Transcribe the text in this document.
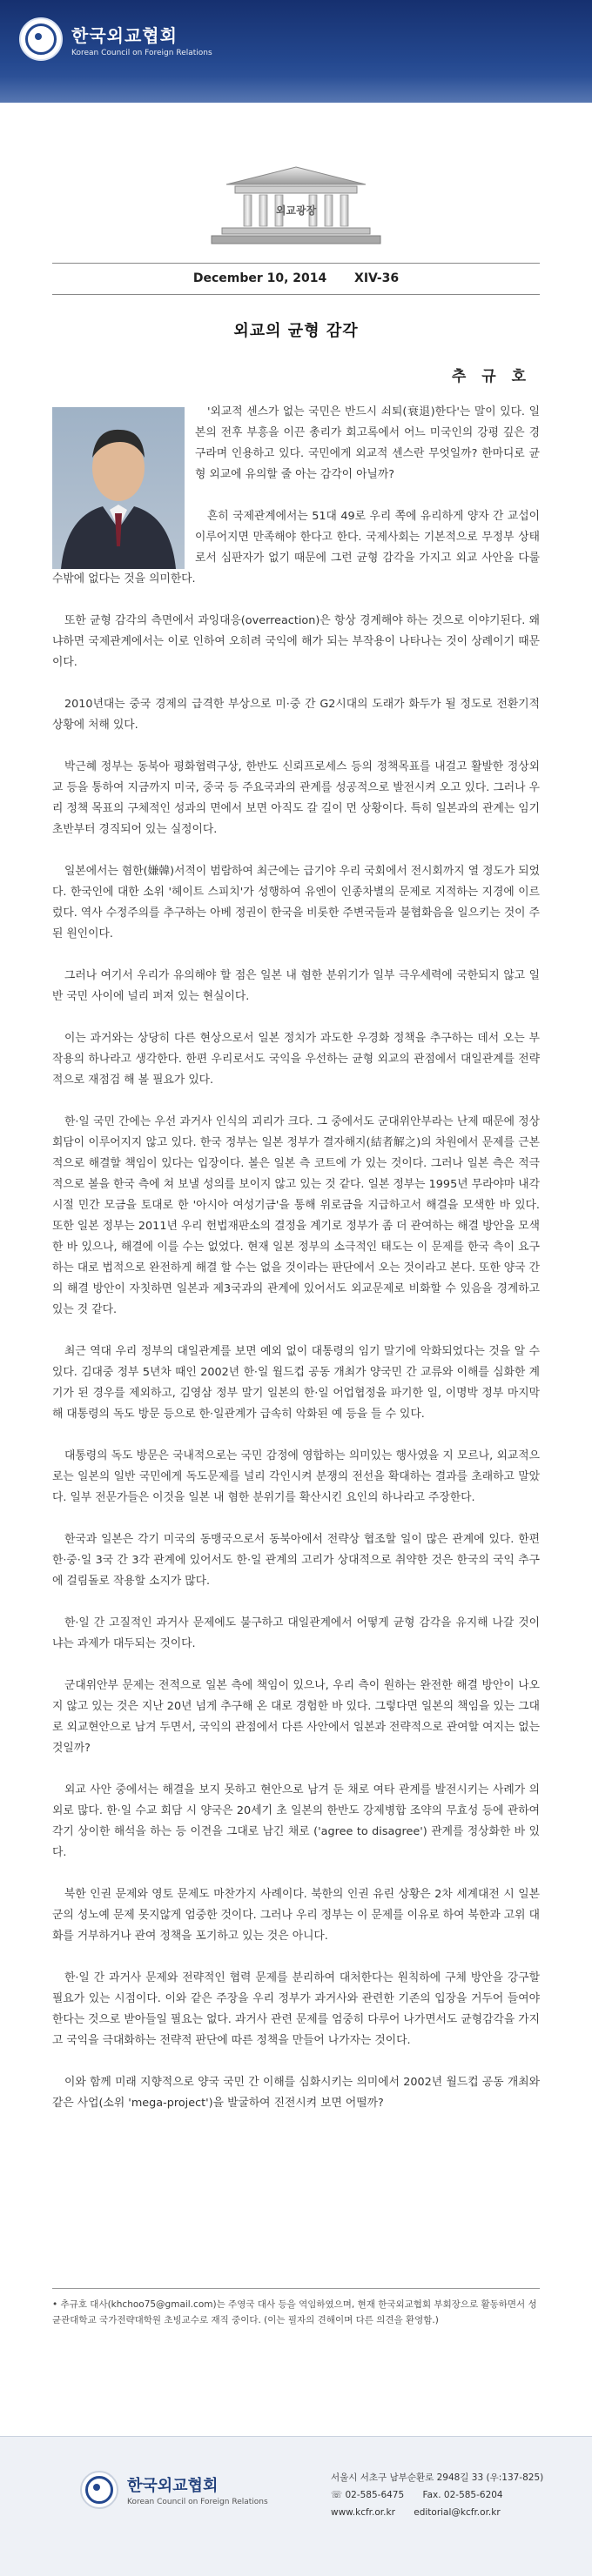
한국외교협회
Korean Council on Foreign Relations
외교광장
December 10, 2014 XIV-36
외교의 균형 감각
추 규 호

'외교적 센스가 없는 국민은 반드시 쇠퇴(衰退)한다'는 말이 있다. 일본의 전후 부흥을 이끈 총리가 회고록에서 어느 미국인의 강평 깊은 경구라며 인용하고 있다. 국민에게 외교적 센스란 무엇일까? 한마디로 균형 외교에 유의할 줄 아는 감각이 아닐까?

흔히 국제관계에서는 51대 49로 우리 쪽에 유리하게 양자 간 교섭이 이루어지면 만족해야 한다고 한다. 국제사회는 기본적으로 무정부 상태로서 심판자가 없기 때문에 그런 균형 감각을 가지고 외교 사안을 다룰 수밖에 없다는 것을 의미한다.

또한 균형 감각의 측면에서 과잉대응(overreaction)은 항상 경계해야 하는 것으로 이야기된다. 왜냐하면 국제관계에서는 이로 인하여 오히려 국익에 해가 되는 부작용이 나타나는 것이 상례이기 때문이다.

2010년대는 중국 경제의 급격한 부상으로 미·중 간 G2시대의 도래가 화두가 될 정도로 전환기적 상황에 처해 있다.

박근혜 정부는 동북아 평화협력구상, 한반도 신뢰프로세스 등의 정책목표를 내걸고 활발한 정상외교 등을 통하여 지금까지 미국, 중국 등 주요국과의 관계를 성공적으로 발전시켜 오고 있다. 그러나 우리 정책 목표의 구체적인 성과의 면에서 보면 아직도 갈 길이 먼 상황이다. 특히 일본과의 관계는 임기 초반부터 경직되어 있는 실정이다.

일본에서는 혐한(嫌韓)서적이 범람하여 최근에는 급기야 우리 국회에서 전시회까지 열 정도가 되었다. 한국인에 대한 소위 '헤이트 스피치'가 성행하여 유엔이 인종차별의 문제로 지적하는 지경에 이르렀다. 역사 수정주의를 추구하는 아베 정권이 한국을 비롯한 주변국들과 불협화음을 일으키는 것이 주된 원인이다.

그러나 여기서 우리가 유의해야 할 점은 일본 내 혐한 분위기가 일부 극우세력에 국한되지 않고 일반 국민 사이에 널리 퍼져 있는 현실이다.

이는 과거와는 상당히 다른 현상으로서 일본 정치가 과도한 우경화 정책을 추구하는 데서 오는 부작용의 하나라고 생각한다. 한편 우리로서도 국익을 우선하는 균형 외교의 관점에서 대일관계를 전략적으로 재점검 해 볼 필요가 있다.

한·일 국민 간에는 우선 과거사 인식의 괴리가 크다. 그 중에서도 군대위안부라는 난제 때문에 정상회담이 이루어지지 않고 있다. 한국 정부는 일본 정부가 결자해지(結者解之)의 차원에서 문제를 근본적으로 해결할 책임이 있다는 입장이다. 볼은 일본 측 코트에 가 있는 것이다. 그러나 일본 측은 적극적으로 볼을 한국 측에 쳐 보낼 성의를 보이지 않고 있는 것 같다. 일본 정부는 1995년 무라야마 내각시절 민간 모금을 토대로 한 '아시아 여성기금'을 통해 위로금을 지급하고서 해결을 모색한 바 있다. 또한 일본 정부는 2011년 우리 헌법재판소의 결정을 계기로 정부가 좀 더 관여하는 해결 방안을 모색한 바 있으나, 해결에 이를 수는 없었다. 현재 일본 정부의 소극적인 태도는 이 문제를 한국 측이 요구하는 대로 법적으로 완전하게 해결 할 수는 없을 것이라는 판단에서 오는 것이라고 본다. 또한 양국 간의 해결 방안이 자칫하면 일본과 제3국과의 관계에 있어서도 외교문제로 비화할 수 있음을 경계하고 있는 것 같다.

최근 역대 우리 정부의 대일관계를 보면 예외 없이 대통령의 임기 말기에 악화되었다는 것을 알 수 있다. 김대중 정부 5년차 때인 2002년 한·일 월드컵 공동 개최가 양국민 간 교류와 이해를 심화한 계기가 된 경우를 제외하고, 김영삼 정부 말기 일본의 한·일 어업협정을 파기한 일, 이명박 정부 마지막 해 대통령의 독도 방문 등으로 한·일관계가 급속히 악화된 예 등을 들 수 있다.

대통령의 독도 방문은 국내적으로는 국민 감정에 영합하는 의미있는 행사였을 지 모르나, 외교적으로는 일본의 일반 국민에게 독도문제를 널리 각인시켜 분쟁의 전선을 확대하는 결과를 초래하고 말았다. 일부 전문가들은 이것을 일본 내 혐한 분위기를 확산시킨 요인의 하나라고 주장한다.

한국과 일본은 각기 미국의 동맹국으로서 동북아에서 전략상 협조할 일이 많은 관계에 있다. 한편 한·중·일 3국 간 3각 관계에 있어서도 한·일 관계의 고리가 상대적으로 취약한 것은 한국의 국익 추구에 걸림돌로 작용할 소지가 많다.

한·일 간 고질적인 과거사 문제에도 불구하고 대일관계에서 어떻게 균형 감각을 유지해 나갈 것이냐는 과제가 대두되는 것이다.

군대위안부 문제는 전적으로 일본 측에 책임이 있으나, 우리 측이 원하는 완전한 해결 방안이 나오지 않고 있는 것은 지난 20년 넘게 추구해 온 대로 경험한 바 있다. 그렇다면 일본의 책임을 있는 그대로 외교현안으로 남겨 두면서, 국익의 관점에서 다른 사안에서 일본과 전략적으로 관여할 여지는 없는 것일까?

외교 사안 중에서는 해결을 보지 못하고 현안으로 남겨 둔 채로 여타 관계를 발전시키는 사례가 의외로 많다. 한·일 수교 회담 시 양국은 20세기 초 일본의 한반도 강제병합 조약의 무효성 등에 관하여 각기 상이한 해석을 하는 등 이견을 그대로 남긴 채로 ('agree to disagree') 관계를 정상화한 바 있다.

북한 인권 문제와 영토 문제도 마찬가지 사례이다. 북한의 인권 유린 상황은 2차 세계대전 시 일본군의 성노예 문제 못지않게 엄중한 것이다. 그러나 우리 정부는 이 문제를 이유로 하여 북한과 고위 대화를 거부하거나 관여 정책을 포기하고 있는 것은 아니다.

한·일 간 과거사 문제와 전략적인 협력 문제를 분리하여 대처한다는 원칙하에 구체 방안을 강구할 필요가 있는 시점이다. 이와 같은 주장을 우리 정부가 과거사와 관련한 기존의 입장을 거두어 들여야 한다는 것으로 받아들일 필요는 없다. 과거사 관련 문제를 엄중히 다루어 나가면서도 균형감각을 가지고 국익을 극대화하는 전략적 판단에 따른 정책을 만들어 나가자는 것이다.

이와 함께 미래 지향적으로 양국 국민 간 이해를 심화시키는 의미에서 2002년 월드컵 공동 개최와 같은 사업(소위 'mega-project')을 발굴하여 진전시켜 보면 어떨까?

• 추규호 대사(khchoo75@gmail.com)는 주영국 대사 등을 역임하였으며, 현재 한국외교협회 부회장으로 활동하면서 성균관대학교 국가전략대학원 초빙교수로 재직 중이다. (이는 필자의 견해이며 다른 의견을 환영함.)
한국외교협회
Korean Council on Foreign Relations
서울시 서초구 남부순환로 2948길 33 (우:137-825)
☏ 02-585-6475 Fax. 02-585-6204
www.kcfr.or.kr editorial@kcfr.or.kr
